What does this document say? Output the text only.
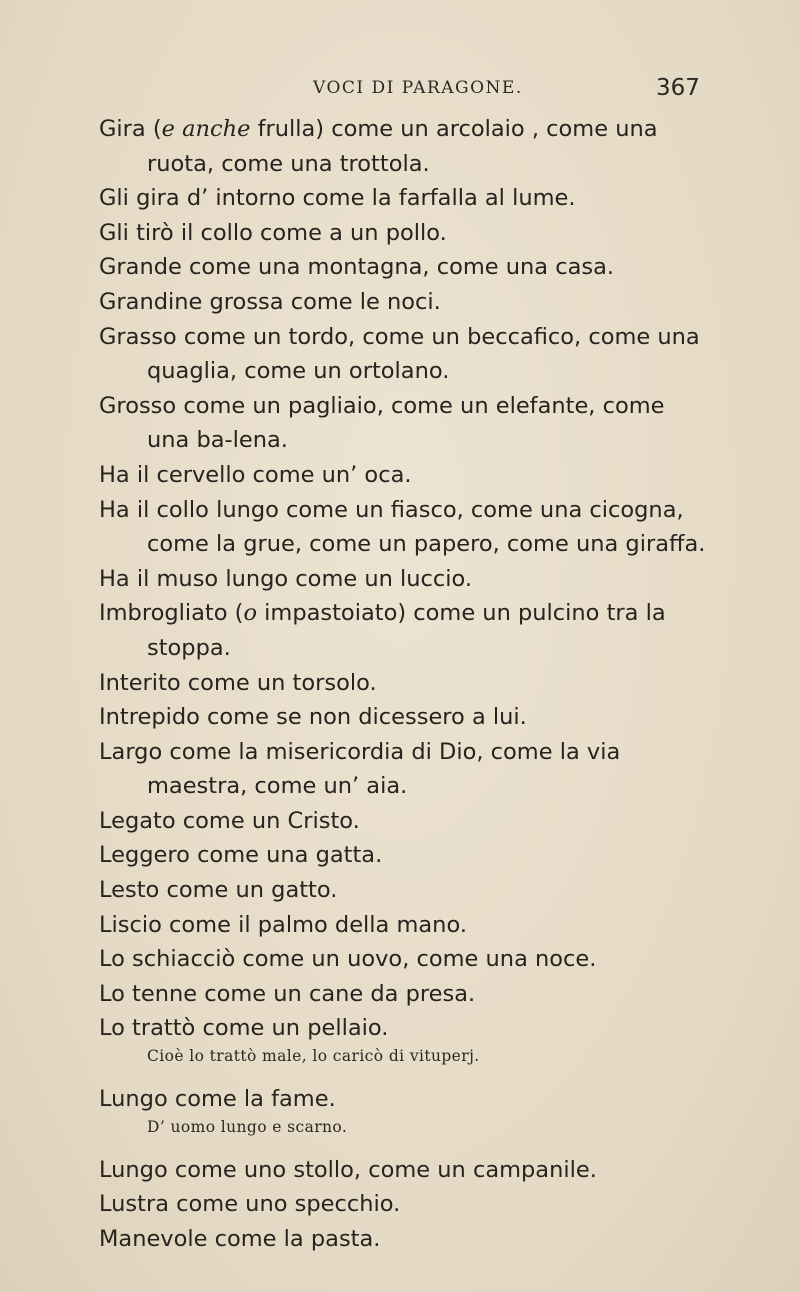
VOCI DI PARAGONE.	367
Gira (e anche frulla) come un arcolaio , come una ruota, come una trottola.
Gli gira d’ intorno come la farfalla al lume.
Gli tirò il collo come a un pollo.
Grande come una montagna, come una casa.
Grandine grossa come le noci.
Grasso come un tordo, come un beccafico, come una quaglia, come un ortolano.
Grosso come un pagliaio, come un elefante, come una ba-lena.
Ha il cervello come un’ oca.
Ha il collo lungo come un fiasco, come una cicogna, come la grue, come un papero, come una giraffa.
Ha il muso lungo come un luccio.
Imbrogliato (o impastoiato) come un pulcino tra la stoppa.
Interito come un torsolo.
Intrepido come se non dicessero a lui.
Largo come la misericordia di Dio, come la via maestra, come un’ aia.
Legato come un Cristo.
Leggero come una gatta.
Lesto come un gatto.
Liscio come il palmo della mano.
Lo schiacciò come un uovo, come una noce.
Lo tenne come un cane da presa.
Lo trattò come un pellaio.
Cioè lo trattò male, lo caricò di vituperj.
Lungo come la fame.
D’ uomo lungo e scarno.
Lungo come uno stollo, come un campanile.
Lustra come uno specchio.
Manevole come la pasta.
